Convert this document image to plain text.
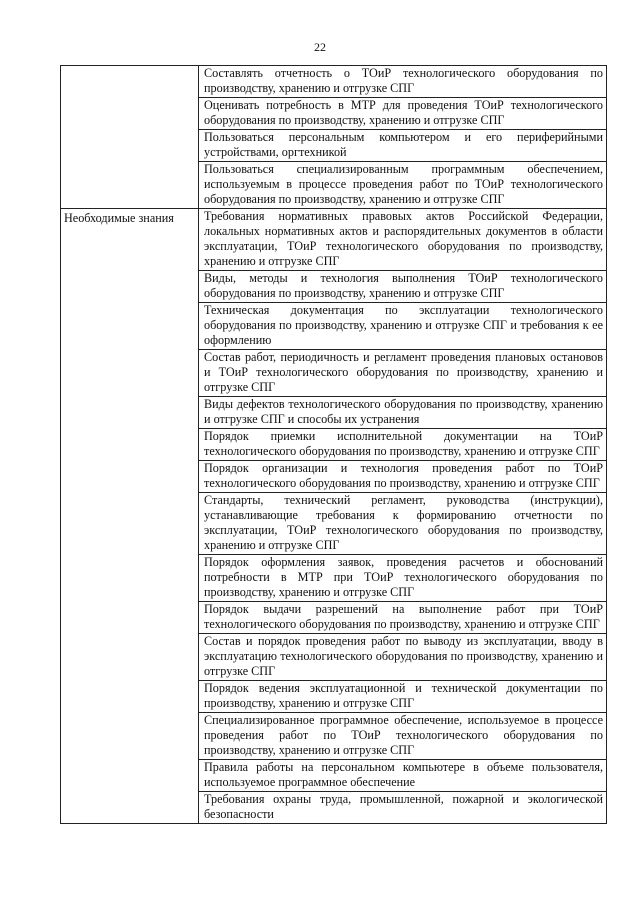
22
	Составлять отчетность о ТОиР технологического оборудования по производству, хранению и отгрузке СПГ
	Оценивать потребность в МТР для проведения ТОиР технологического оборудования по производству, хранению и отгрузке СПГ
	Пользоваться персональным компьютером и его периферийными устройствами, оргтехникой
	Пользоваться специализированным программным обеспечением, используемым в процессе проведения работ по ТОиР технологического оборудования по производству, хранению и отгрузке СПГ
Необходимые знания	Требования нормативных правовых актов Российской Федерации, локальных нормативных актов и распорядительных документов в области эксплуатации, ТОиР технологического оборудования по производству, хранению и отгрузке СПГ
	Виды, методы и технология выполнения ТОиР технологического оборудования по производству, хранению и отгрузке СПГ
	Техническая документация по эксплуатации технологического оборудования по производству, хранению и отгрузке СПГ и требования к ее оформлению
	Состав работ, периодичность и регламент проведения плановых остановов и ТОиР технологического оборудования по производству, хранению и отгрузке СПГ
	Виды дефектов технологического оборудования по производству, хранению и отгрузке СПГ и способы их устранения
	Порядок приемки исполнительной документации на ТОиР технологического оборудования по производству, хранению и отгрузке СПГ
	Порядок организации и технология проведения работ по ТОиР технологического оборудования по производству, хранению и отгрузке СПГ
	Стандарты, технический регламент, руководства (инструкции), устанавливающие требования к формированию отчетности по эксплуатации, ТОиР технологического оборудования по производству, хранению и отгрузке СПГ
	Порядок оформления заявок, проведения расчетов и обоснований потребности в МТР при ТОиР технологического оборудования по производству, хранению и отгрузке СПГ
	Порядок выдачи разрешений на выполнение работ при ТОиР технологического оборудования по производству, хранению и отгрузке СПГ
	Состав и порядок проведения работ по выводу из эксплуатации, вводу в эксплуатацию технологического оборудования по производству, хранению и отгрузке СПГ
	Порядок ведения эксплуатационной и технической документации по производству, хранению и отгрузке СПГ
	Специализированное программное обеспечение, используемое в процессе проведения работ по ТОиР технологического оборудования по производству, хранению и отгрузке СПГ
	Правила работы на персональном компьютере в объеме пользователя, используемое программное обеспечение
	Требования охраны труда, промышленной, пожарной и экологической безопасности
